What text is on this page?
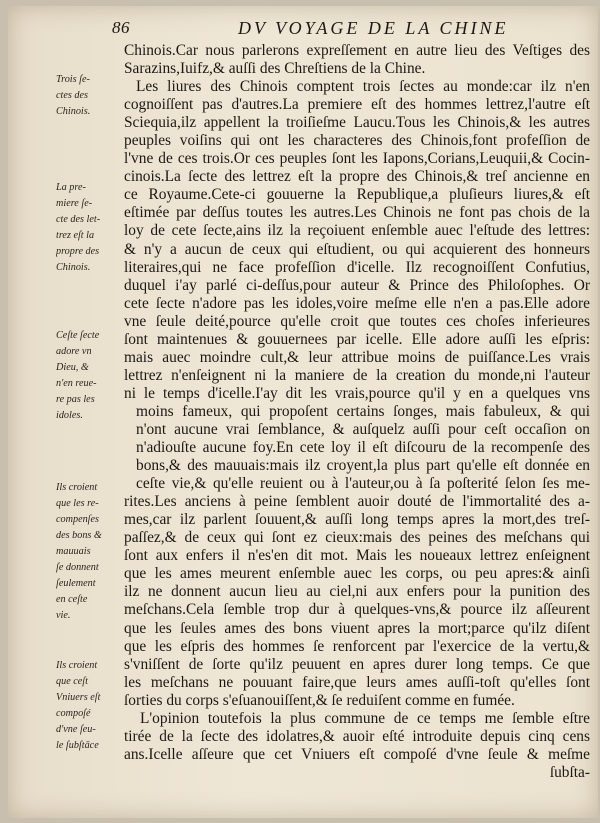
86	DV VOYAGE DE LA CHINE
Chinois.Car nous parlerons expreſſement en autre lieu des Veſtiges des
Sarazins,Iuifz,& auſſi des Chreſtiens de la Chine.
Les liures des Chinois comptent trois ſectes au monde:car ilz n'en
cognoiſſent pas d'autres.La premiere eſt des hommes lettrez,l'autre eſt
Sciequia,ilz appellent la troiſieſme Laucu.Tous les Chinois,& les autres
peuples voiſins qui ont les characteres des Chinois,font profeſſion de
l'vne de ces trois.Or ces peuples ſont les Iapons,Corians,Leuquii,& Cocin-
cinois.La ſecte des lettrez eſt la propre des Chinois,& treſ ancienne en
ce Royaume.Cete-ci gouuerne la Republique,a pluſieurs liures,& eſt
eſtimée par deſſus toutes les autres.Les Chinois ne font pas chois de la
loy de cete ſecte,ains ilz la reçoiuent enſemble auec l'eſtude des lettres:
& n'y a aucun de ceux qui eſtudient, ou qui acquierent des honneurs
literaires,qui ne face profeſſion d'icelle. Ilz recognoiſſent Confutius,
duquel i'ay parlé ci-deſſus,pour auteur & Prince des Philoſophes. Or
cete ſecte n'adore pas les idoles,voire meſme elle n'en a pas.Elle adore
vne ſeule deité,pource qu'elle croit que toutes ces choſes inferieures
ſont maintenues & gouuernees par icelle. Elle adore auſſi les eſpris:
mais auec moindre cult,& leur attribue moins de puiſſance.Les vrais
lettrez n'enſeignent ni la maniere de la creation du monde,ni l'auteur
ni le temps d'icelle.I'ay dit les vrais,pource qu'il y en a quelques vns
moins fameux, qui propoſent certains ſonges, mais fabuleux, & qui
n'ont aucune vrai ſemblance, & auſquelz auſſi pour ceſt occaſion on
n'adiouſte aucune foy.En cete loy il eſt diſcouru de la recompenſe des
bons,& des mauuais:mais ilz croyent,la plus part qu'elle eſt donnée en
ceſte vie,& qu'elle reuient ou à l'auteur,ou à ſa poſterité ſelon ſes me-
rites.Les anciens à peine ſemblent auoir douté de l'immortalité des a-
mes,car ilz parlent ſouuent,& auſſi long temps apres la mort,des treſ-
paſſez,& de ceux qui ſont ez cieux:mais des peines des meſchans qui
ſont aux enfers il n'es'en dit mot. Mais les noueaux lettrez enſeignent
que les ames meurent enſemble auec les corps, ou peu apres:& ainſi
ilz ne donnent aucun lieu au ciel,ni aux enfers pour la punition des
meſchans.Cela ſemble trop dur à quelques-vns,& pource ilz aſſeurent
que les ſeules ames des bons viuent apres la mort;parce qu'ilz diſent
que les eſpris des hommes ſe renforcent par l'exercice de la vertu,&
s'vniſſent de ſorte qu'ilz peuuent en apres durer long temps. Ce que
les meſchans ne pouuant faire,que leurs ames auſſi-toſt qu'elles ſont
ſorties du corps s'eſuanouiſſent,& ſe reduiſent comme en fumée.
L'opinion toutefois la plus commune de ce temps me ſemble eſtre
tirée de la ſecte des idolatres,& auoir eſté introduite depuis cinq cens
ans.Icelle aſſeure que cet Vniuers eſt compoſé d'vne ſeule & meſme
ſubſta-
Trois ſe-
ctes des
Chinois.
La pre-
miere ſe-
cte des let-
trez eſt la
propre des
Chinois.
Ceſte ſecte
adore vn
Dieu, &
n'en reue-
re pas les
idoles.
Ils croient
que les re-
compenſes
des bons &
mauuais
ſe donnent
ſeulement
en ceſte
vie.
Ils croient
que ceſt
Vniuers eſt
compoſé
d'vne ſeu-
le ſubſtāce
